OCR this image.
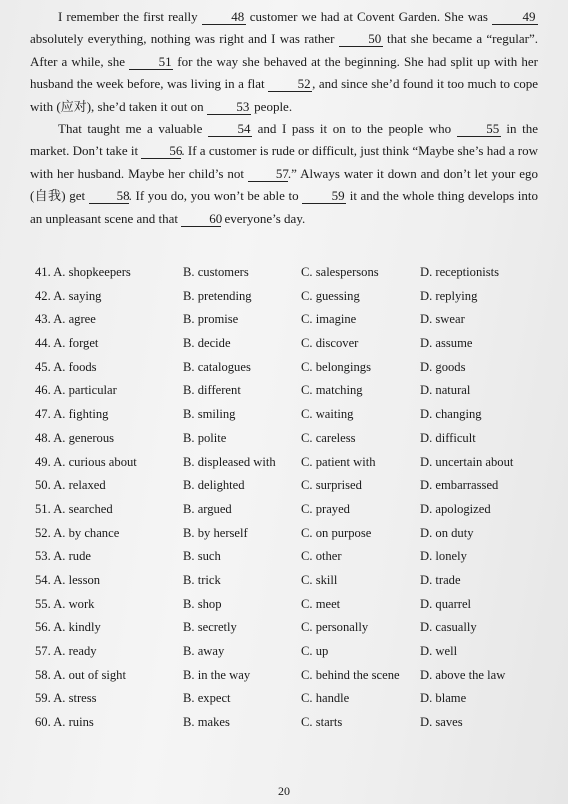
I remember the first really 48 customer we had at Covent Garden. She was 49 absolutely everything, nothing was right and I was rather 50 that she became a “regular”. After a while, she 51 for the way she behaved at the beginning. She had split up with her husband the week before, was living in a flat 52 , and since she’d found it too much to cope with (应对), she’d taken it out on 53 people.

That taught me a valuable 54 and I pass it on to the people who 55 in the market. Don’t take it 56. If a customer is rude or difficult, just think “Maybe she’s had a row with her husband. Maybe her child’s not 57.” Always water it down and don’t let your ego (自我) get 58. If you do, you won’t be able to 59 it and the whole thing develops into an unpleasant scene and that 60 everyone’s day.

41. A. shopkeepers	B. customers	C. salespersons	D. receptionists
42. A. saying	B. pretending	C. guessing	D. replying
43. A. agree	B. promise	C. imagine	D. swear
44. A. forget	B. decide	C. discover	D. assume
45. A. foods	B. catalogues	C. belongings	D. goods
46. A. particular	B. different	C. matching	D. natural
47. A. fighting	B. smiling	C. waiting	D. changing
48. A. generous	B. polite	C. careless	D. difficult
49. A. curious about	B. displeased with C. patient with	D. uncertain about
50. A. relaxed	B. delighted	C. surprised	D. embarrassed
51. A. searched	B. argued	C. prayed	D. apologized
52. A. by chance	B. by herself	C. on purpose	D. on duty
53. A. rude	B. such	C. other	D. lonely
54. A. lesson	B. trick	C. skill	D. trade
55. A. work	B. shop	C. meet	D. quarrel
56. A. kindly	B. secretly	C. personally	D. casually
57. A. ready	B. away	C. up	D. well
58. A. out of sight	B. in the way	C. behind the scene D. above the law
59. A. stress	B. expect	C. handle	D. blame
60. A. ruins	B. makes	C. starts	D. saves
20
